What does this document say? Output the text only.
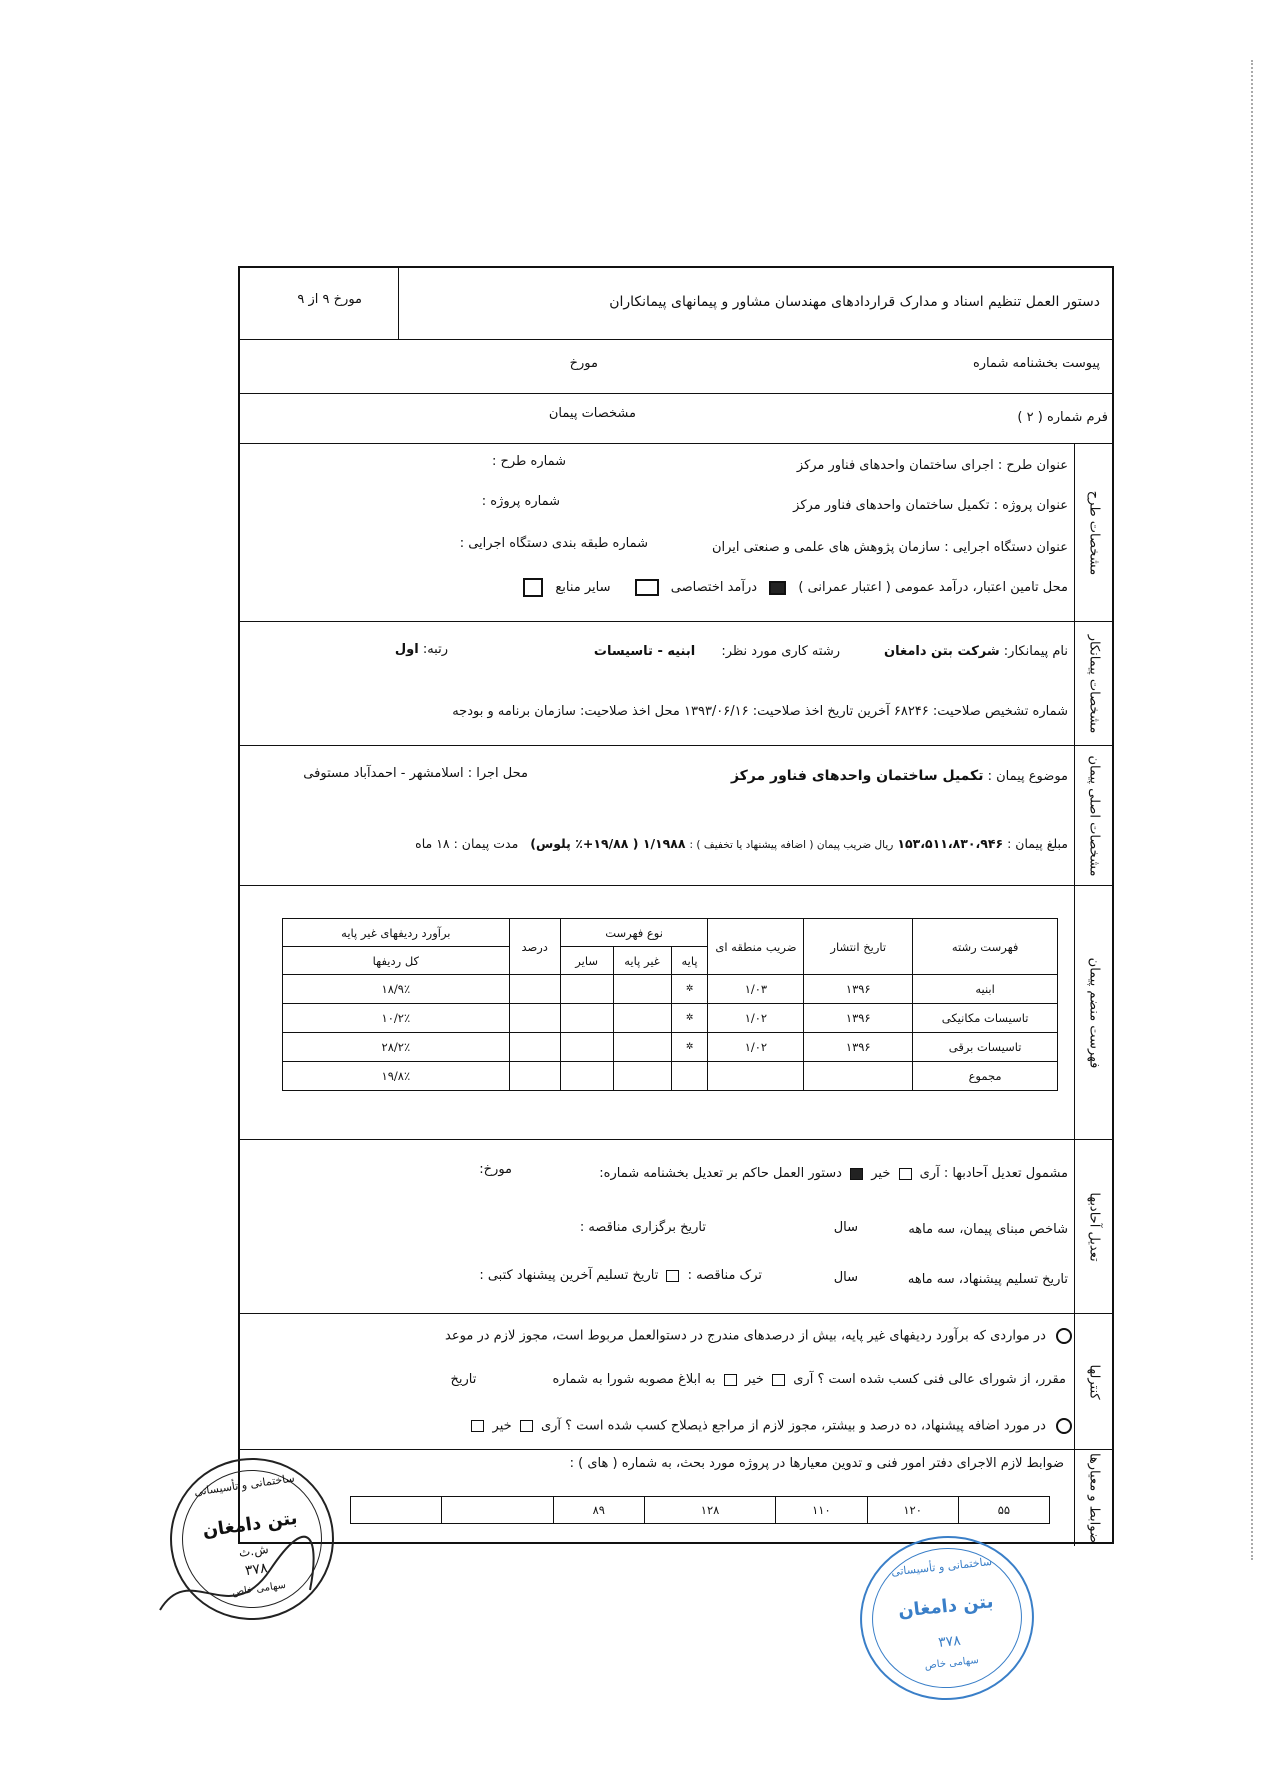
دستور العمل تنظیم اسناد و مدارک قراردادهای مهندسان مشاور و پیمانهای پیمانکاران
مورخ ۹ از ۹
پیوست بخشنامه شماره
مورخ
فرم شماره ( ۲ )
مشخصات پیمان
مشخصات طرح
عنوان طرح : اجرای ساختمان واحدهای فناور مرکز
شماره طرح :
عنوان پروژه : تکمیل ساختمان واحدهای فناور مرکز
شماره پروژه :
عنوان دستگاه اجرایی : سازمان پژوهش های علمی و صنعتی ایران
شماره طبقه بندی دستگاه اجرایی :
محل تامین اعتبار، درآمد عمومی ( اعتبار عمرانی )  درآمد اختصاصی  سایر منابع
مشخصات پیمانکار
نام پیمانکار: شرکت بتن دامغان
رشته کاری مورد نظر: ابنیه - تاسیسات
رتبه: اول
شماره تشخیص صلاحیت: ۶۸۲۴۶ آخرین تاریخ اخذ صلاحیت: ۱۳۹۳/۰۶/۱۶ محل اخذ صلاحیت: سازمان برنامه و بودجه
مشخصات اصلی پیمان
موضوع پیمان : تکمیل ساختمان واحدهای فناور مرکز
محل اجرا : اسلامشهر - احمدآباد مستوفی
مبلغ پیمان : ۱۵۳،۵۱۱،۸۳۰،۹۴۶ ریال ضریب پیمان ( اضافه پیشنهاد یا تخفیف ) : ۱/۱۹۸۸ ( ۱۹/۸۸+٪ پلوس) مدت پیمان : ۱۸ ماه
فهرست منضم پیمان
فهرست رشته	تاریخ انتشار	ضریب منطقه ای	نوع فهرست			درصد	برآورد ردیفهای غیر پایه
			پایه	غیر پایه	سایر		کل ردیفها
ابنیه	۱۳۹۶	۱/۰۳	✲				۱۸/۹٪
تاسیسات مکانیکی	۱۳۹۶	۱/۰۲	✲				۱۰/۲٪
تاسیسات برقی	۱۳۹۶	۱/۰۲	✲				۲۸/۲٪
مجموع							۱۹/۸٪
تعدیل آحادبها
مشمول تعدیل آحادبها : آری  خیر  دستور العمل حاکم بر تعدیل بخشنامه شماره:
مورخ:
شاخص مبنای پیمان، سه ماهه
سال
تاریخ برگزاری مناقصه :
تاریخ تسلیم پیشنهاد، سه ماهه
سال
ترک مناقصه :  تاریخ تسلیم آخرین پیشنهاد کتبی :
کنترلها
در مواردی که برآورد ردیفهای غیر پایه، بیش از درصدهای مندرج در دستوالعمل مربوط است، مجوز لازم در موعد
مقرر، از شورای عالی فنی کسب شده است ؟ آری  خیر  به ابلاغ مصوبه شورا به شماره تاریخ
در مورد اضافه پیشنهاد، ده درصد و بیشتر، مجوز لازم از مراجع ذیصلاح کسب شده است ؟ آری  خیر
ضوابط و معیارها
ضوابط لازم الاجرای دفتر امور فنی و تدوین معیارها در پروژه مورد بحث، به شماره ( های ) :
۵۵	۱۲۰	۱۱۰	۱۲۸	۸۹		
ساختمانی و تأسیساتی
بتن دامغان
ش.ث
۳۷۸
سهامی خاص
ساختمانی و تأسیساتی
بتن دامغان
۳۷۸
سهامی خاص
